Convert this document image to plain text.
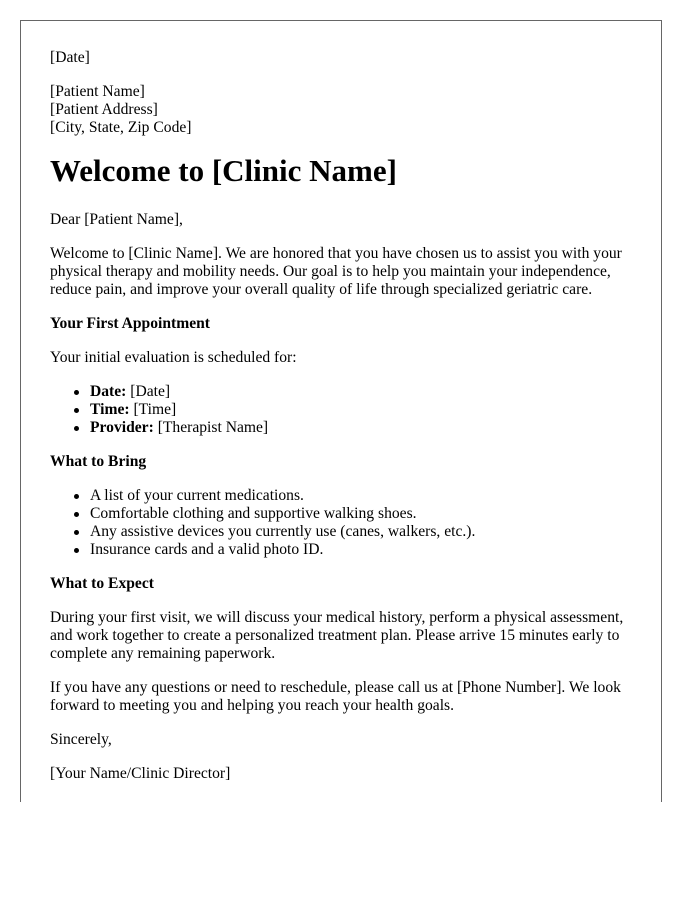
[Date]
[Patient Name]
[Patient Address]
[City, State, Zip Code]
Welcome to [Clinic Name]
Dear [Patient Name],
Welcome to [Clinic Name]. We are honored that you have chosen us to assist you with your physical therapy and mobility needs. Our goal is to help you maintain your independence, reduce pain, and improve your overall quality of life through specialized geriatric care.
Your First Appointment
Your initial evaluation is scheduled for:
Date: [Date]
Time: [Time]
Provider: [Therapist Name]
What to Bring
A list of your current medications.
Comfortable clothing and supportive walking shoes.
Any assistive devices you currently use (canes, walkers, etc.).
Insurance cards and a valid photo ID.
What to Expect
During your first visit, we will discuss your medical history, perform a physical assessment, and work together to create a personalized treatment plan. Please arrive 15 minutes early to complete any remaining paperwork.
If you have any questions or need to reschedule, please call us at [Phone Number]. We look forward to meeting you and helping you reach your health goals.
Sincerely,
[Your Name/Clinic Director]
